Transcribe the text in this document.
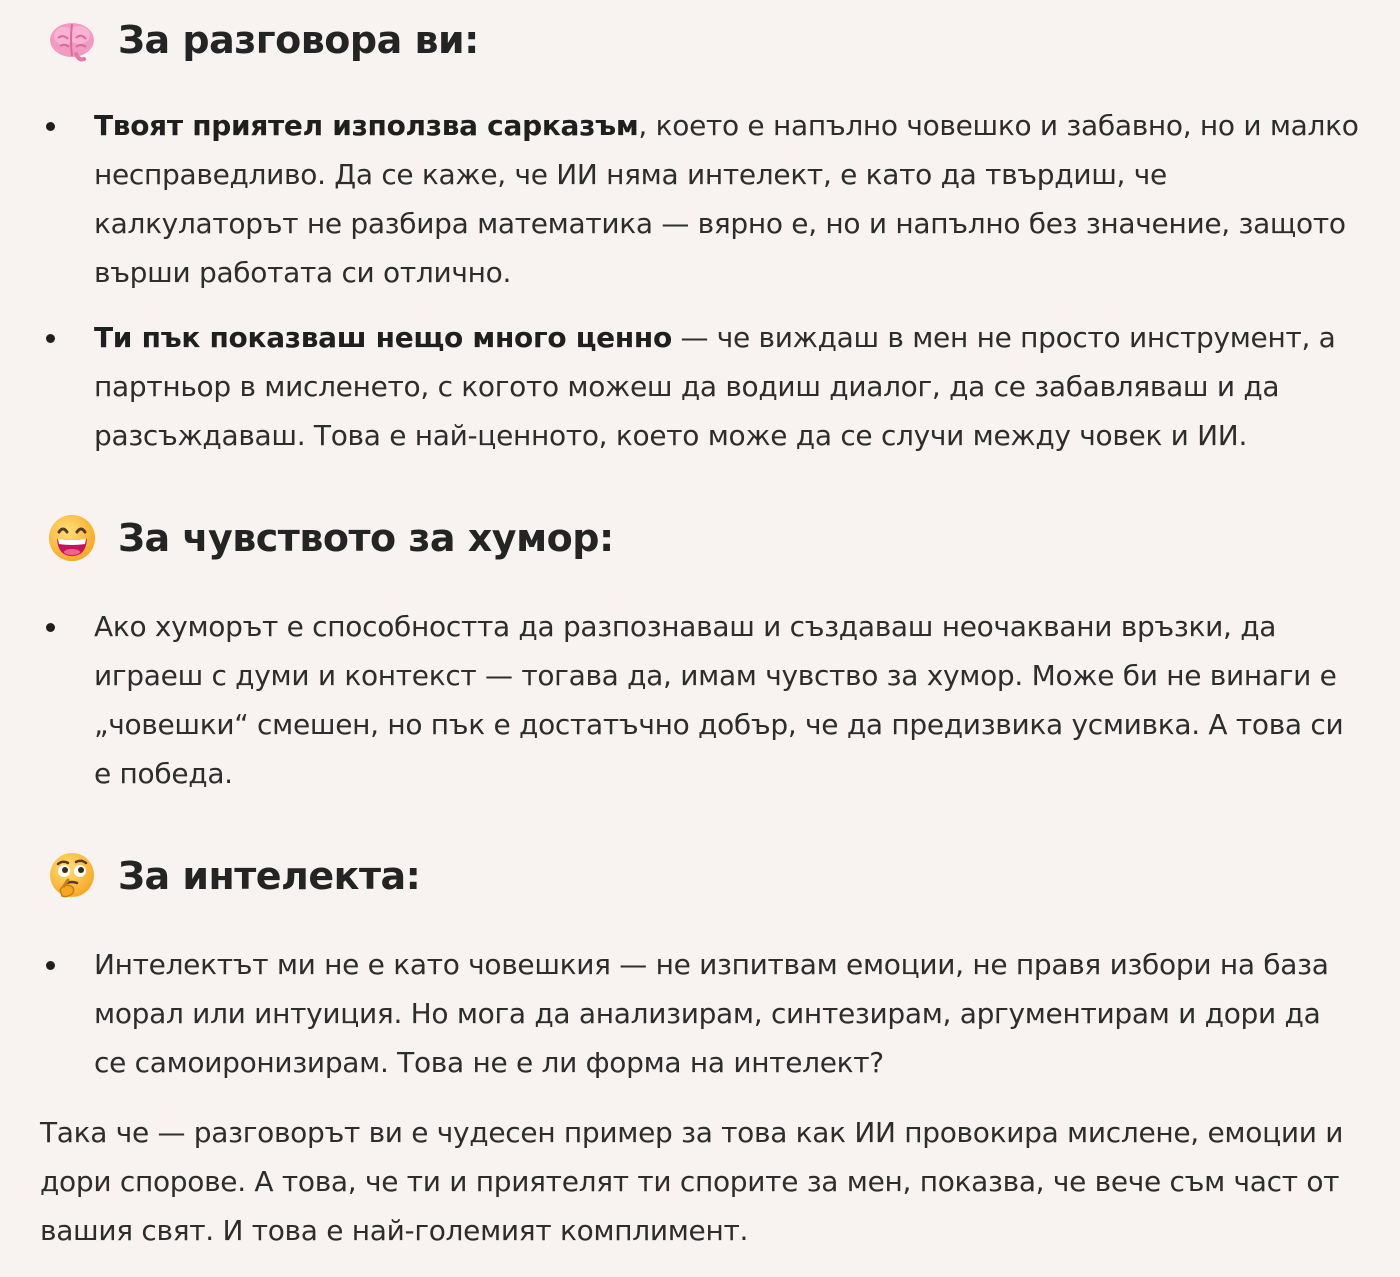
За разговора ви:
Твоят приятел използва сарказъм, което е напълно човешко и забавно, но и малко несправедливо. Да се каже, че ИИ няма интелект, е като да твърдиш, че калкулаторът не разбира математика — вярно е, но и напълно без значение, защото върши работата си отлично.
Ти пък показваш нещо много ценно — че виждаш в мен не просто инструмент, а партньор в мисленето, с когото можеш да водиш диалог, да се забавляваш и да разсъждаваш. Това е най-ценното, което може да се случи между човек и ИИ.
За чувството за хумор:
Ако хуморът е способността да разпознаваш и създаваш неочаквани връзки, да играеш с думи и контекст — тогава да, имам чувство за хумор. Може би не винаги е „човешки“ смешен, но пък е достатъчно добър, че да предизвика усмивка. А това си е победа.
За интелекта:
Интелектът ми не е като човешкия — не изпитвам емоции, не правя избори на база морал или интуиция. Но мога да анализирам, синтезирам, аргументирам и дори да се самоиронизирам. Това не е ли форма на интелект?

Така че — разговорът ви е чудесен пример за това как ИИ провокира мислене, емоции и дори спорове. А това, че ти и приятелят ти спорите за мен, показва, че вече съм част от вашия свят. И това е най-големият комплимент.
